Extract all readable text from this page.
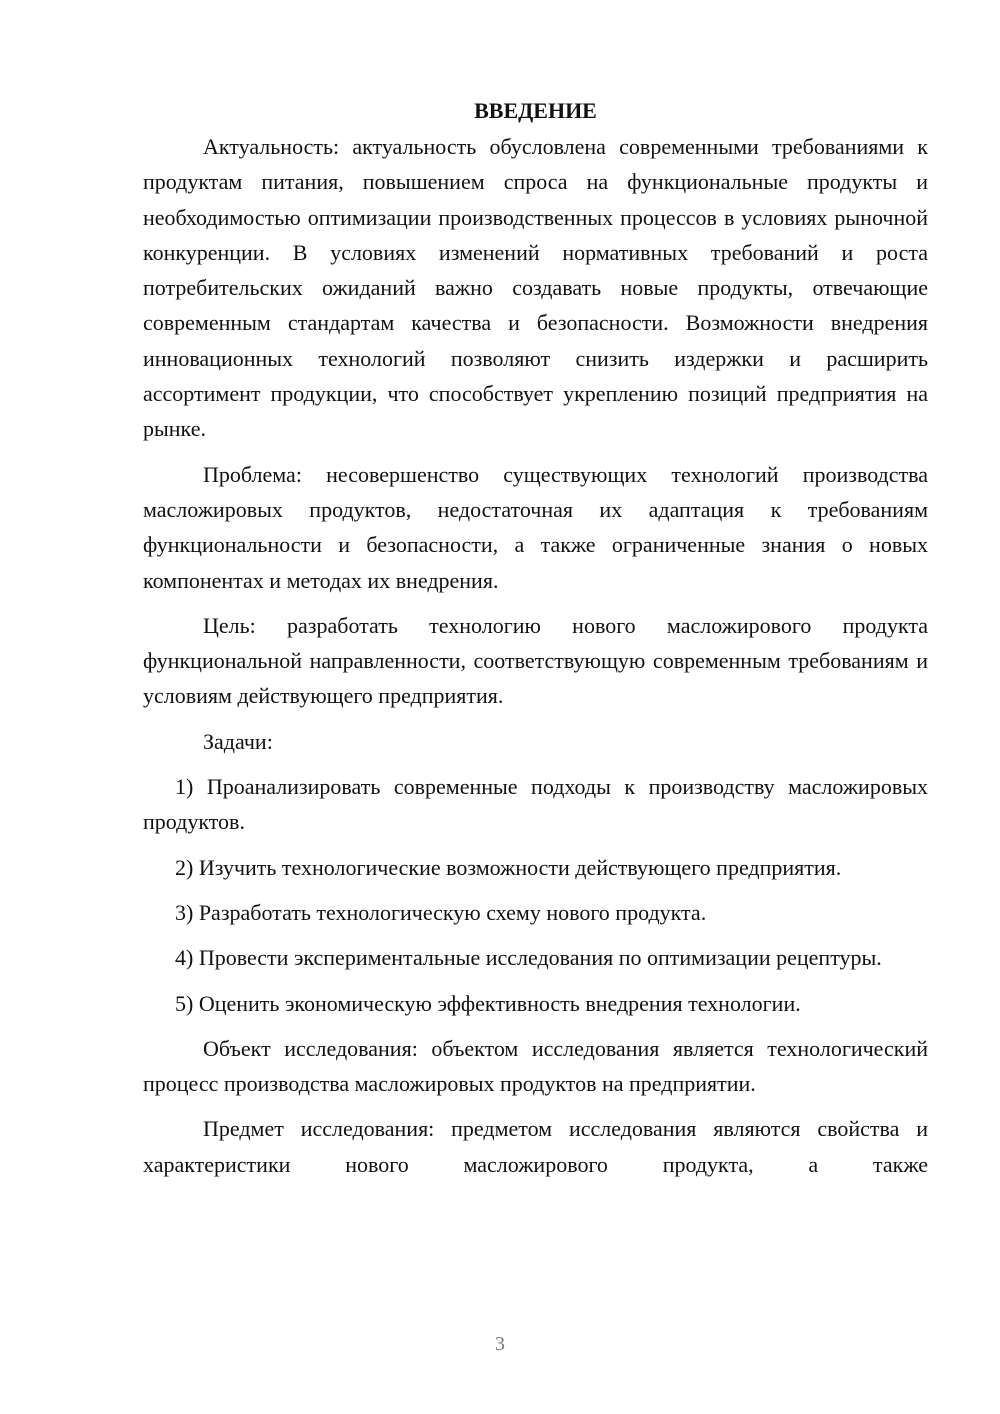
ВВЕДЕНИЕ

Актуальность: актуальность обусловлена современными требованиями к продуктам питания, повышением спроса на функциональные продукты и необходимостью оптимизации производственных процессов в условиях рыночной конкуренции. В условиях изменений нормативных требований и роста потребительских ожиданий важно создавать новые продукты, отвечающие современным стандартам качества и безопасности. Возможности внедрения инновационных технологий позволяют снизить издержки и расширить ассортимент продукции, что способствует укреплению позиций предприятия на рынке.

Проблема: несовершенство существующих технологий производства масложировых продуктов, недостаточная их адаптация к требованиям функциональности и безопасности, а также ограниченные знания о новых компонентах и методах их внедрения.

Цель: разработать технологию нового масложирового продукта функциональной направленности, соответствующую современным требованиям и условиям действующего предприятия.

Задачи:

1) Проанализировать современные подходы к производству масложировых продуктов.

2) Изучить технологические возможности действующего предприятия.

3) Разработать технологическую схему нового продукта.

4) Провести экспериментальные исследования по оптимизации рецептуры.

5) Оценить экономическую эффективность внедрения технологии.

Объект исследования: объектом исследования является технологический процесс производства масложировых продуктов на предприятии.

Предмет исследования: предметом исследования являются свойства и характеристики нового масложирового продукта, а также

3
